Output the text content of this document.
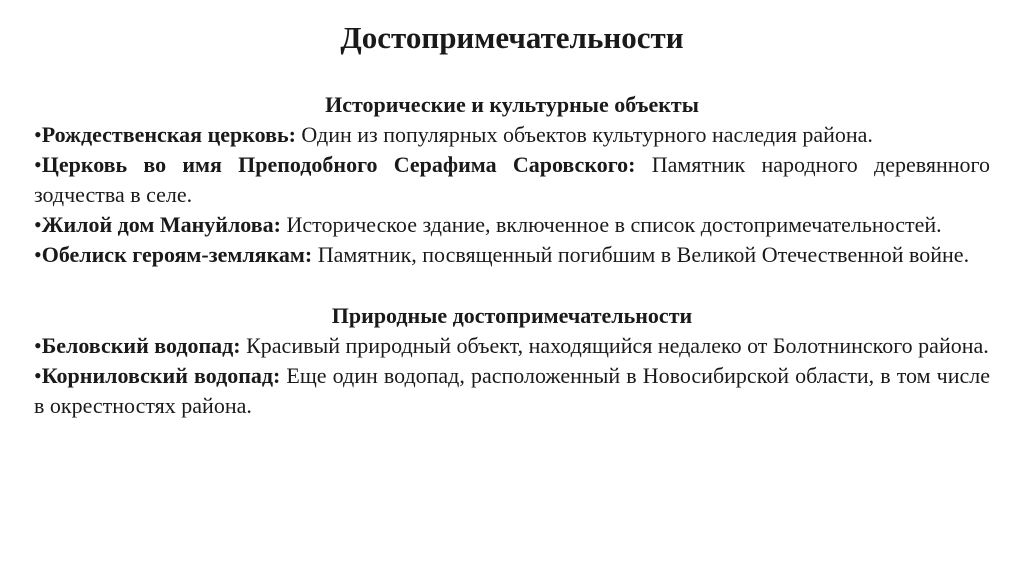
Достопримечательности
Исторические и культурные объекты
•Рождественская церковь: Один из популярных объектов культурного наследия района.
•Церковь во имя Преподобного Серафима Саровского: Памятник народного деревянного зодчества в селе.
•Жилой дом Мануйлова: Историческое здание, включенное в список достопримечательностей.
•Обелиск героям-землякам: Памятник, посвященный погибшим в Великой Отечественной войне.
Природные достопримечательности
•Беловский водопад: Красивый природный объект, находящийся недалеко от Болотнинского района.
•Корниловский водопад: Еще один водопад, расположенный в Новосибирской области, в том числе в окрестностях района.
